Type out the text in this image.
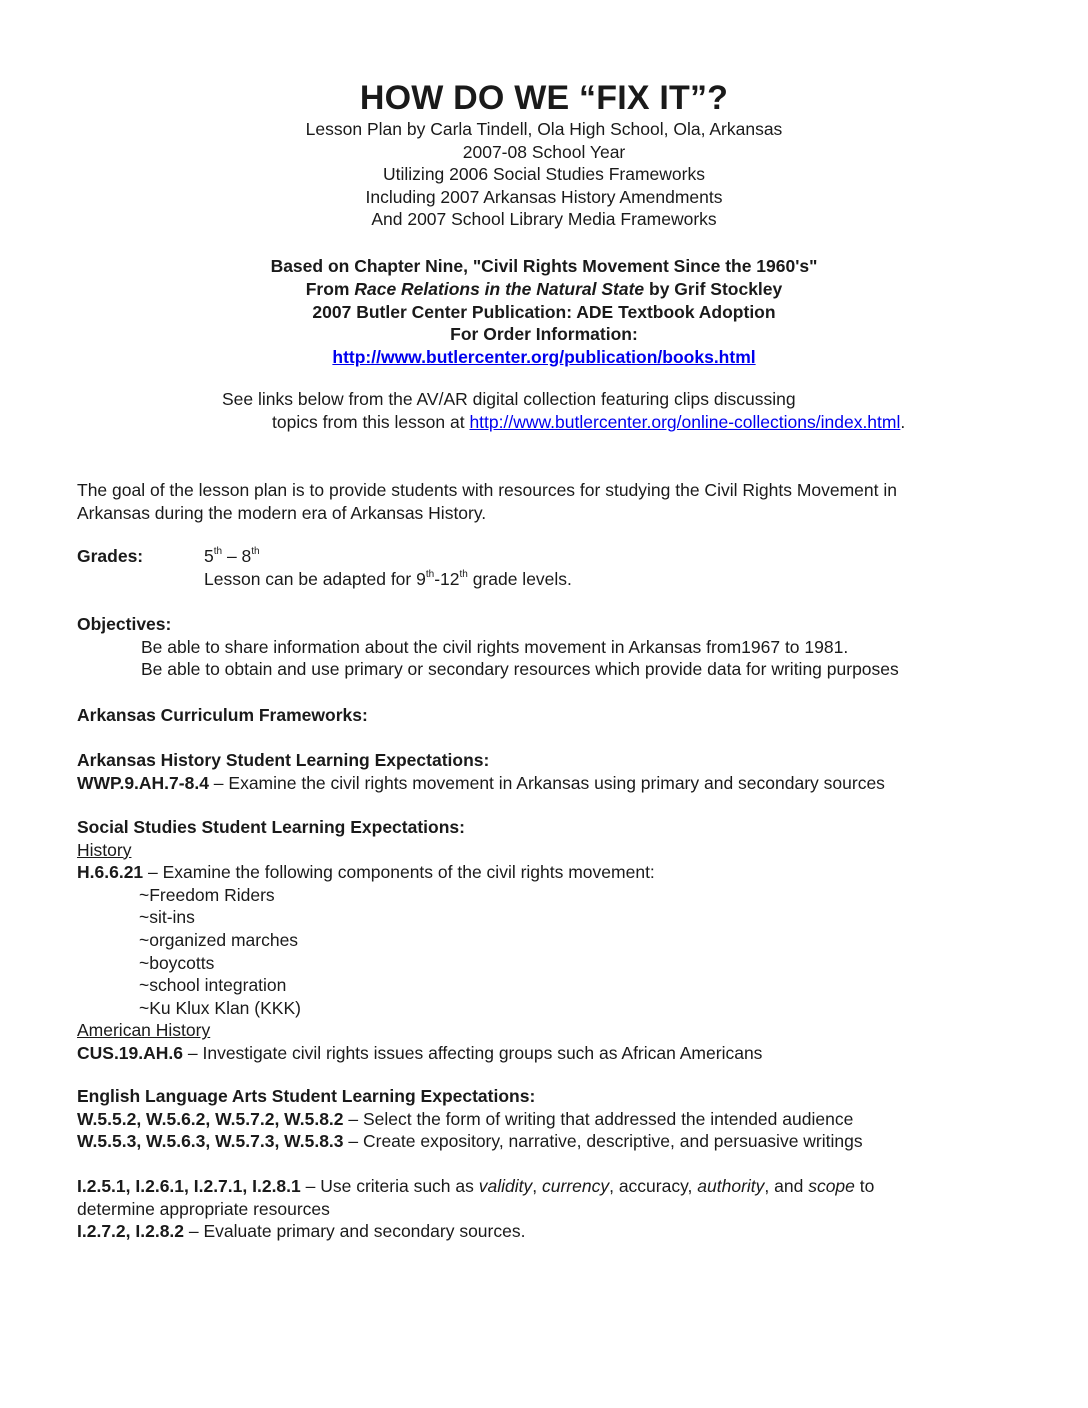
HOW DO WE “FIX IT”?
Lesson Plan by Carla Tindell, Ola High School, Ola, Arkansas
2007-08 School Year
Utilizing 2006 Social Studies Frameworks
Including 2007 Arkansas History Amendments
And 2007 School Library Media Frameworks
Based on Chapter Nine, "Civil Rights Movement Since the 1960's"
From Race Relations in the Natural State by Grif Stockley
2007 Butler Center Publication: ADE Textbook Adoption
For Order Information:
http://www.butlercenter.org/publication/books.html
See links below from the AV/AR digital collection featuring clips discussing
topics from this lesson at http://www.butlercenter.org/online-collections/index.html.
The goal of the lesson plan is to provide students with resources for studying the Civil Rights Movement in
Arkansas during the modern era of Arkansas History.
Grades:	5th – 8th
Lesson can be adapted for 9th-12th grade levels.
Objectives:
Be able to share information about the civil rights movement in Arkansas from1967 to 1981.
Be able to obtain and use primary or secondary resources which provide data for writing purposes
Arkansas Curriculum Frameworks:
Arkansas History Student Learning Expectations:
WWP.9.AH.7-8.4 – Examine the civil rights movement in Arkansas using primary and secondary sources
Social Studies Student Learning Expectations:
History
H.6.6.21 – Examine the following components of the civil rights movement:
~Freedom Riders
~sit-ins
~organized marches
~boycotts
~school integration
~Ku Klux Klan (KKK)
American History
CUS.19.AH.6 – Investigate civil rights issues affecting groups such as African Americans
English Language Arts Student Learning Expectations:
W.5.5.2, W.5.6.2, W.5.7.2, W.5.8.2 – Select the form of writing that addressed the intended audience
W.5.5.3, W.5.6.3, W.5.7.3, W.5.8.3 – Create expository, narrative, descriptive, and persuasive writings
I.2.5.1, I.2.6.1, I.2.7.1, I.2.8.1 – Use criteria such as validity, currency, accuracy, authority, and scope to
determine appropriate resources
I.2.7.2, I.2.8.2 – Evaluate primary and secondary sources.
